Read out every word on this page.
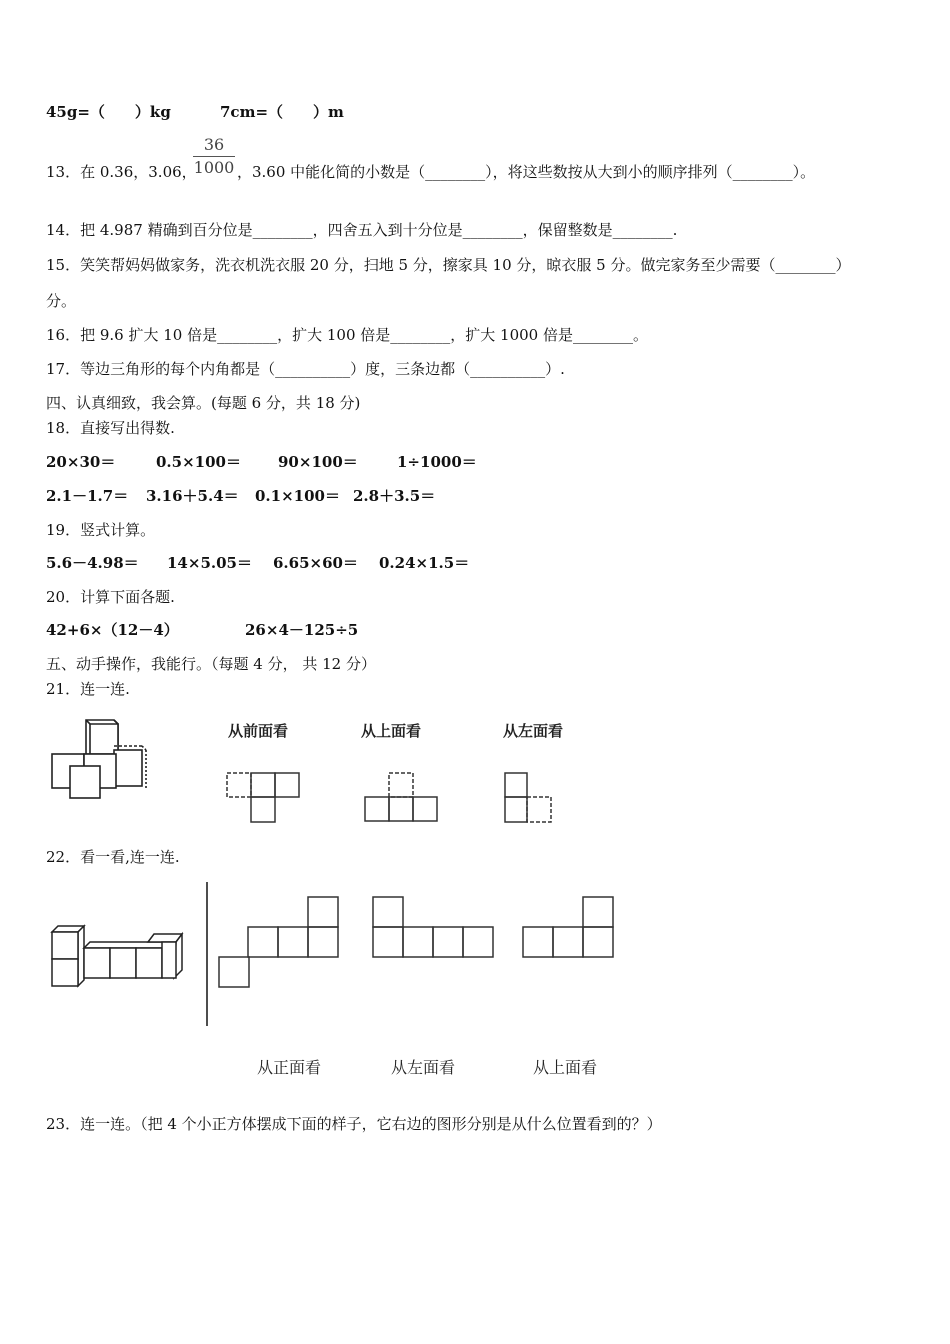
45g=（　　）kg	7cm=（　　）m
13．在 0.36，3.06，
36
1000 ，3.60 中能化简的小数是（________），将这些数按从大到小的顺序排列（________）。
14．把 4.987 精确到百分位是________，四舍五入到十分位是________，保留整数是________.
15．笑笑帮妈妈做家务，洗衣机洗衣服 20 分，扫地 5 分，擦家具 10 分，晾衣服 5 分。做完家务至少需要（________）
分。
16．把 9.6 扩大 10 倍是________，扩大 100 倍是________，扩大 1000 倍是________。
17．等边三角形的每个内角都是（__________）度，三条边都（__________）.
四、认真细致，我会算。(每题 6 分，共 18 分)
18．直接写出得数.
20×30＝	0.5×100＝ 90×100＝	1÷1000＝
2.1－1.7＝ 3.16＋5.4＝ 0.1×100＝ 2.8＋3.5＝
19．竖式计算。
5.6－4.98＝ 14×5.05＝ 6.65×60＝ 0.24×1.5＝
20．计算下面各题.
42+6×（12－4）	26×4－125÷5
五、动手操作，我能行。（每题 4 分， 共 12 分）
21．连一连.
从前面看	从上面看	从左面看
22．看一看,连一连.
从正面看	从左面看	从上面看
23．连一连。（把 4 个小正方体摆成下面的样子，它右边的图形分别是从什么位置看到的？）
